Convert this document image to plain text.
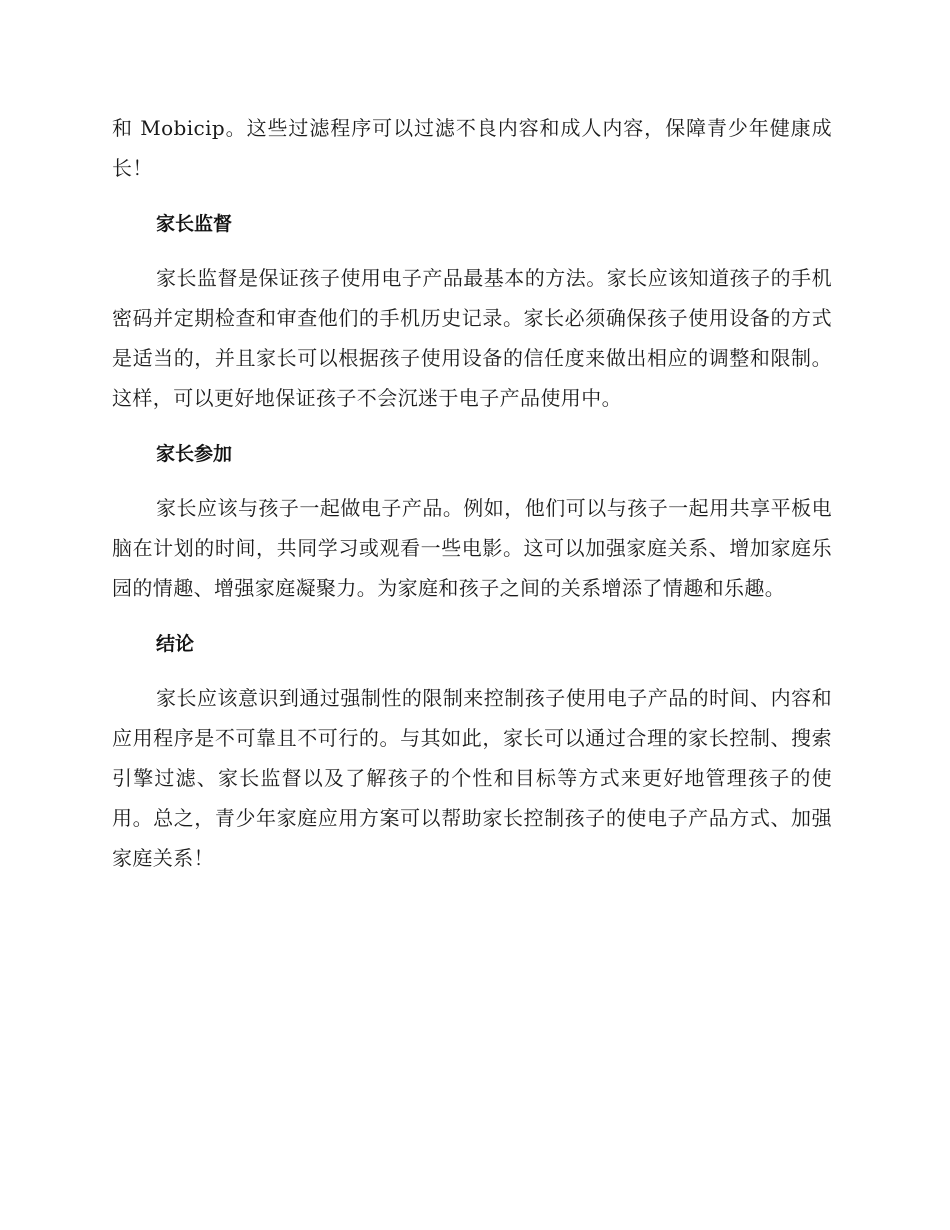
和 Mobicip。这些过滤程序可以过滤不良内容和成人内容，保障青少年健康成长！

家长监督

家长监督是保证孩子使用电子产品最基本的方法。家长应该知道孩子的手机密码并定期检查和审查他们的手机历史记录。家长必须确保孩子使用设备的方式是适当的，并且家长可以根据孩子使用设备的信任度来做出相应的调整和限制。这样，可以更好地保证孩子不会沉迷于电子产品使用中。

家长参加

家长应该与孩子一起做电子产品。例如，他们可以与孩子一起用共享平板电脑在计划的时间，共同学习或观看一些电影。这可以加强家庭关系、增加家庭乐园的情趣、增强家庭凝聚力。为家庭和孩子之间的关系增添了情趣和乐趣。

结论

家长应该意识到通过强制性的限制来控制孩子使用电子产品的时间、内容和应用程序是不可靠且不可行的。与其如此，家长可以通过合理的家长控制、搜索引擎过滤、家长监督以及了解孩子的个性和目标等方式来更好地管理孩子的使用。总之，青少年家庭应用方案可以帮助家长控制孩子的使电子产品方式、加强家庭关系！
